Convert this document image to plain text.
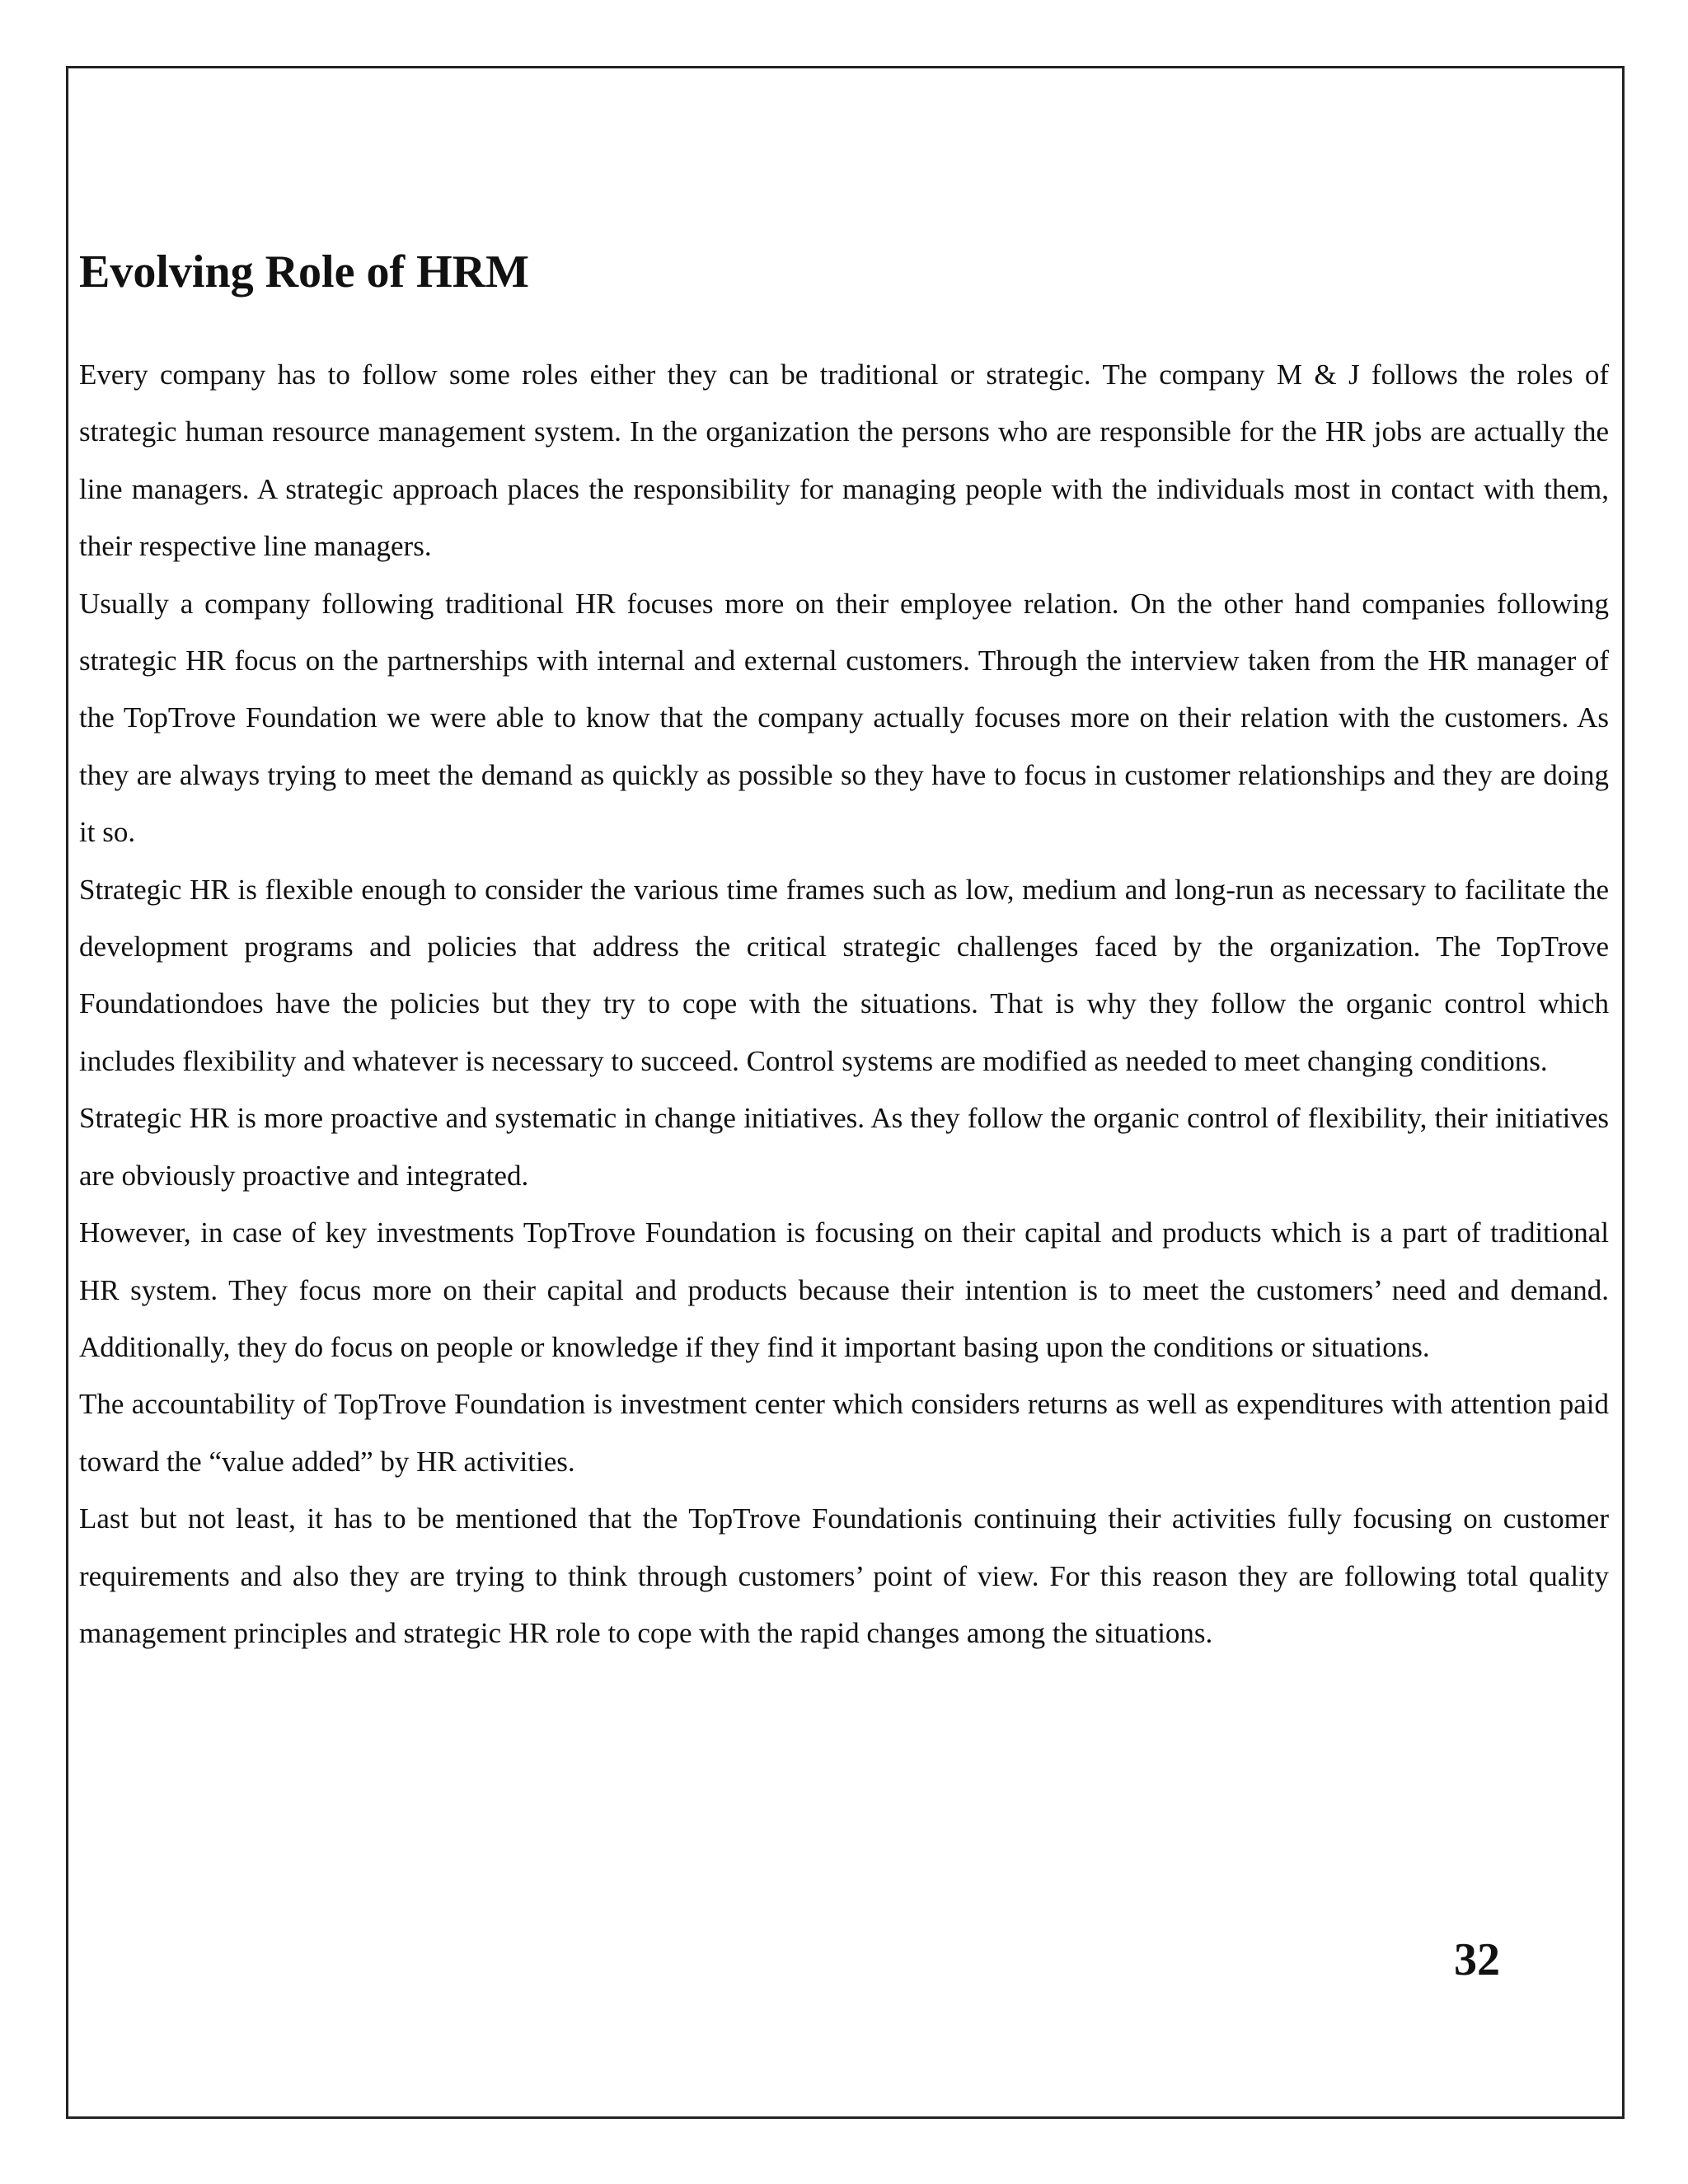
Evolving Role of HRM

Every company has to follow some roles either they can be traditional or strategic. The company M & J follows the roles of strategic human resource management system. In the organization the persons who are responsible for the HR jobs are actually the line managers. A strategic approach places the responsibility for managing people with the individuals most in contact with them, their respective line managers.

Usually a company following traditional HR focuses more on their employee relation. On the other hand companies following strategic HR focus on the partnerships with internal and external customers. Through the interview taken from the HR manager of the TopTrove Foundation we were able to know that the company actually focuses more on their relation with the customers. As they are always trying to meet the demand as quickly as possible so they have to focus in customer relationships and they are doing it so.

Strategic HR is flexible enough to consider the various time frames such as low, medium and long-run as necessary to facilitate the development programs and policies that address the critical strategic challenges faced by the organization. The TopTrove Foundationdoes have the policies but they try to cope with the situations. That is why they follow the organic control which includes flexibility and whatever is necessary to succeed. Control systems are modified as needed to meet changing conditions.

Strategic HR is more proactive and systematic in change initiatives. As they follow the organic control of flexibility, their initiatives are obviously proactive and integrated.

However, in case of key investments TopTrove Foundation is focusing on their capital and products which is a part of traditional HR system. They focus more on their capital and products because their intention is to meet the customers’ need and demand. Additionally, they do focus on people or knowledge if they find it important basing upon the conditions or situations.

The accountability of TopTrove Foundation is investment center which considers returns as well as expenditures with attention paid toward the “value added” by HR activities.

Last but not least, it has to be mentioned that the TopTrove Foundationis continuing their activities fully focusing on customer requirements and also they are trying to think through customers’ point of view. For this reason they are following total quality management principles and strategic HR role to cope with the rapid changes among the situations.

32
